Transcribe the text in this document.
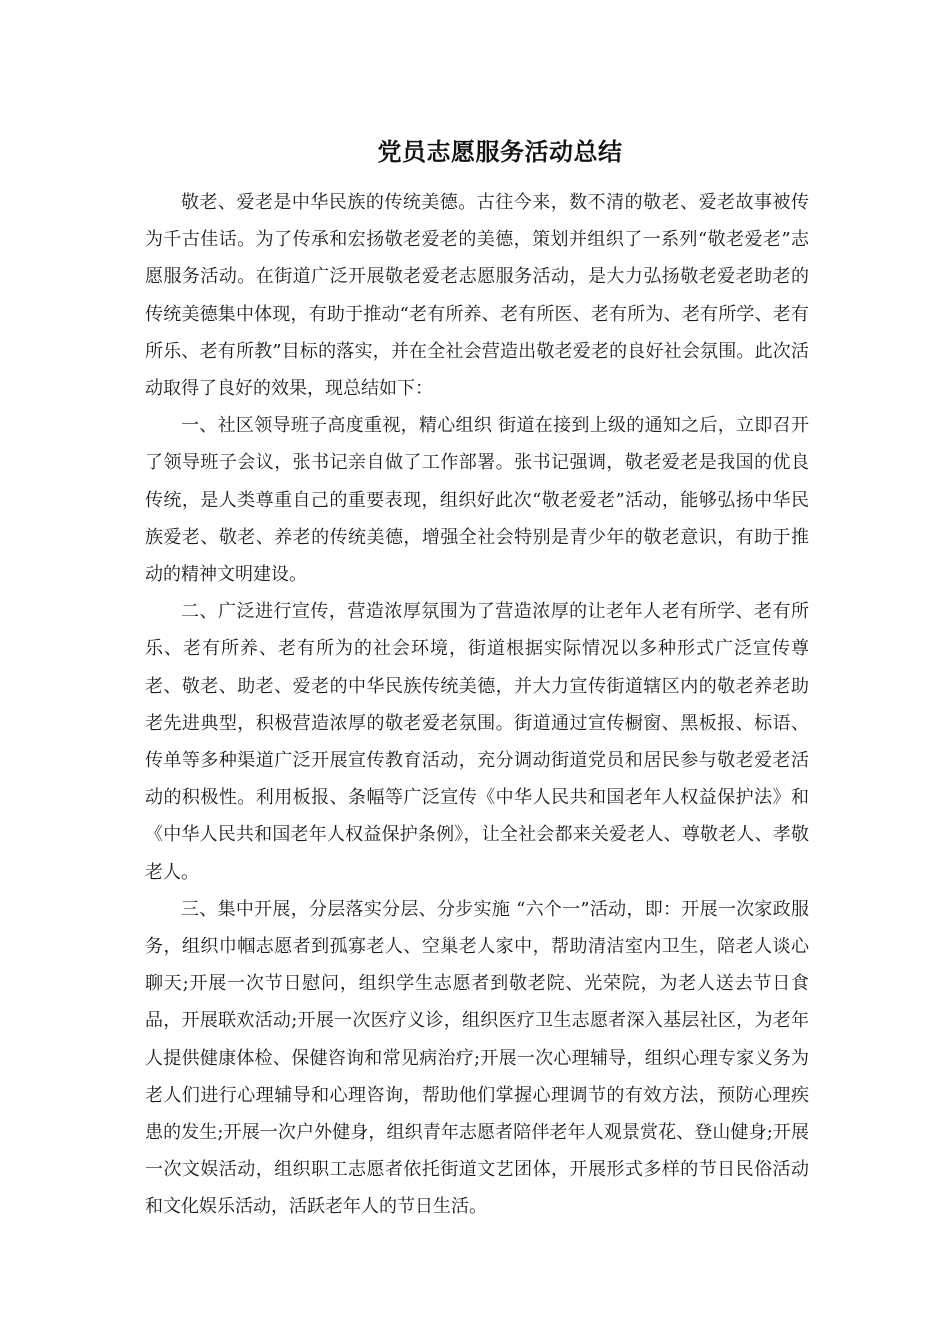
党员志愿服务活动总结

敬老、爱老是中华民族的传统美德。古往今来，数不清的敬老、爱老故事被传为千古佳话。为了传承和宏扬敬老爱老的美德，策划并组织了一系列“敬老爱老”志愿服务活动。在街道广泛开展敬老爱老志愿服务活动，是大力弘扬敬老爱老助老的传统美德集中体现，有助于推动“老有所养、老有所医、老有所为、老有所学、老有所乐、老有所教”目标的落实，并在全社会营造出敬老爱老的良好社会氛围。此次活动取得了良好的效果，现总结如下：

一、社区领导班子高度重视，精心组织 街道在接到上级的通知之后，立即召开了领导班子会议，张书记亲自做了工作部署。张书记强调，敬老爱老是我国的优良传统，是人类尊重自己的重要表现，组织好此次“敬老爱老”活动，能够弘扬中华民族爱老、敬老、养老的传统美德，增强全社会特别是青少年的敬老意识，有助于推动的精神文明建设。

二、广泛进行宣传，营造浓厚氛围为了营造浓厚的让老年人老有所学、老有所乐、老有所养、老有所为的社会环境，街道根据实际情况以多种形式广泛宣传尊老、敬老、助老、爱老的中华民族传统美德，并大力宣传街道辖区内的敬老养老助老先进典型，积极营造浓厚的敬老爱老氛围。街道通过宣传橱窗、黑板报、标语、传单等多种渠道广泛开展宣传教育活动，充分调动街道党员和居民参与敬老爱老活动的积极性。利用板报、条幅等广泛宣传《中华人民共和国老年人权益保护法》和《中华人民共和国老年人权益保护条例》，让全社会都来关爱老人、尊敬老人、孝敬老人。

三、集中开展，分层落实分层、分步实施 “六个一”活动，即：开展一次家政服务，组织巾帼志愿者到孤寡老人、空巢老人家中，帮助清洁室内卫生，陪老人谈心聊天;开展一次节日慰问，组织学生志愿者到敬老院、光荣院，为老人送去节日食品，开展联欢活动;开展一次医疗义诊，组织医疗卫生志愿者深入基层社区，为老年人提供健康体检、保健咨询和常见病治疗;开展一次心理辅导，组织心理专家义务为老人们进行心理辅导和心理咨询，帮助他们掌握心理调节的有效方法，预防心理疾患的发生;开展一次户外健身，组织青年志愿者陪伴老年人观景赏花、登山健身;开展一次文娱活动，组织职工志愿者依托街道文艺团体，开展形式多样的节日民俗活动和文化娱乐活动，活跃老年人的节日生活。
